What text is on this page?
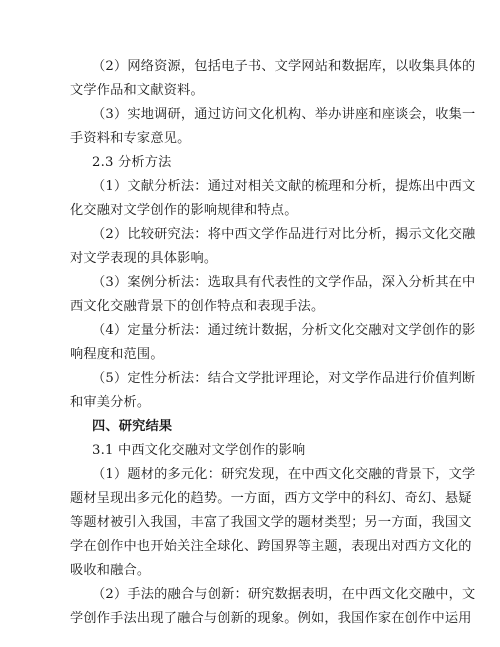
（2）网络资源，包括电子书、文学网站和数据库，以收集具体的
文学作品和文献资料。
（3）实地调研，通过访问文化机构、举办讲座和座谈会，收集一
手资料和专家意见。
2.3 分析方法
（1）文献分析法：通过对相关文献的梳理和分析，提炼出中西文
化交融对文学创作的影响规律和特点。
（2）比较研究法：将中西文学作品进行对比分析，揭示文化交融
对文学表现的具体影响。
（3）案例分析法：选取具有代表性的文学作品，深入分析其在中
西文化交融背景下的创作特点和表现手法。
（4）定量分析法：通过统计数据，分析文化交融对文学创作的影
响程度和范围。
（5）定性分析法：结合文学批评理论，对文学作品进行价值判断
和审美分析。
四、研究结果
3.1 中西文化交融对文学创作的影响
（1）题材的多元化：研究发现，在中西文化交融的背景下，文学
题材呈现出多元化的趋势。一方面，西方文学中的科幻、奇幻、悬疑
等题材被引入我国，丰富了我国文学的题材类型；另一方面，我国文
学在创作中也开始关注全球化、跨国界等主题，表现出对西方文化的
吸收和融合。
（2）手法的融合与创新：研究数据表明，在中西文化交融中，文
学创作手法出现了融合与创新的现象。例如，我国作家在创作中运用
